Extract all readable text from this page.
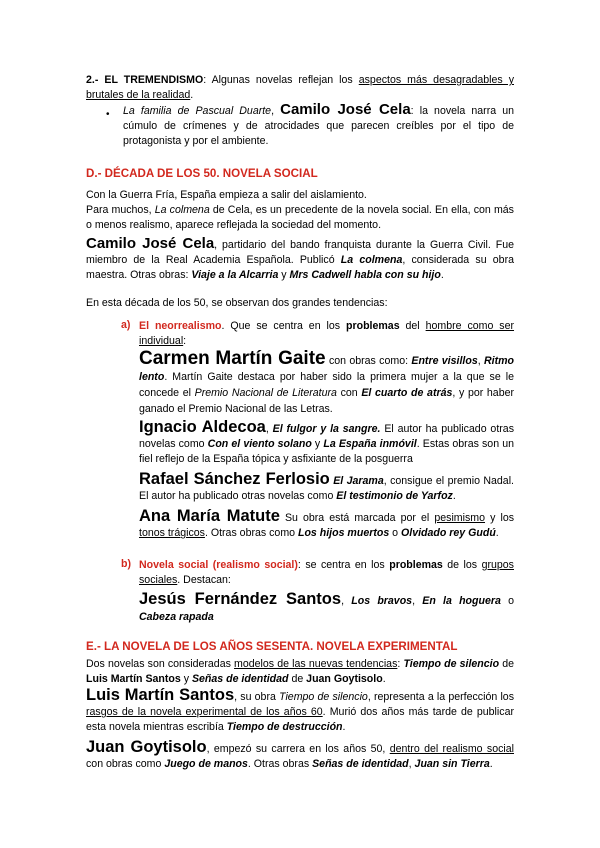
2.- EL TREMENDISMO: Algunas novelas reflejan los aspectos más desagradables y brutales de la realidad.
• La familia de Pascual Duarte, Camilo José Cela: la novela narra un cúmulo de crímenes y de atrocidades que parecen creíbles por el tipo de protagonista y por el ambiente.
D.- DÉCADA DE LOS 50. NOVELA SOCIAL
Con la Guerra Fría, España empieza a salir del aislamiento.
Para muchos, La colmena de Cela, es un precedente de la novela social. En ella, con más o menos realismo, aparece reflejada la sociedad del momento.
Camilo José Cela, partidario del bando franquista durante la Guerra Civil. Fue miembro de la Real Academia Española. Publicó La colmena, considerada su obra maestra. Otras obras: Viaje a la Alcarria y Mrs Cadwell habla con su hijo.
En esta década de los 50, se observan dos grandes tendencias:
a) El neorrealismo. Que se centra en los problemas del hombre como ser individual:
Carmen Martín Gaite con obras como: Entre visillos, Ritmo lento. Martín Gaite destaca por haber sido la primera mujer a la que se le concede el Premio Nacional de Literatura con El cuarto de atrás, y por haber ganado el Premio Nacional de las Letras.
Ignacio Aldecoa, El fulgor y la sangre. El autor ha publicado otras novelas como Con el viento solano y La España inmóvil. Estas obras son un fiel reflejo de la España tópica y asfixiante de la posguerra
Rafael Sánchez Ferlosio El Jarama, consigue el premio Nadal. El autor ha publicado otras novelas como El testimonio de Yarfoz.
Ana María Matute Su obra está marcada por el pesimismo y los tonos trágicos. Otras obras como Los hijos muertos o Olvidado rey Gudú.
b) Novela social (realismo social): se centra en los problemas de los grupos sociales. Destacan:
Jesús Fernández Santos, Los bravos, En la hoguera o Cabeza rapada
E.- LA NOVELA DE LOS AÑOS SESENTA. NOVELA EXPERIMENTAL
Dos novelas son consideradas modelos de las nuevas tendencias: Tiempo de silencio de Luis Martín Santos y Señas de identidad de Juan Goytisolo.
Luis Martín Santos, su obra Tiempo de silencio, representa a la perfección los rasgos de la novela experimental de los años 60. Murió dos años más tarde de publicar esta novela mientras escribía Tiempo de destrucción.
Juan Goytisolo, empezó su carrera en los años 50, dentro del realismo social con obras como Juego de manos. Otras obras Señas de identidad, Juan sin Tierra.
